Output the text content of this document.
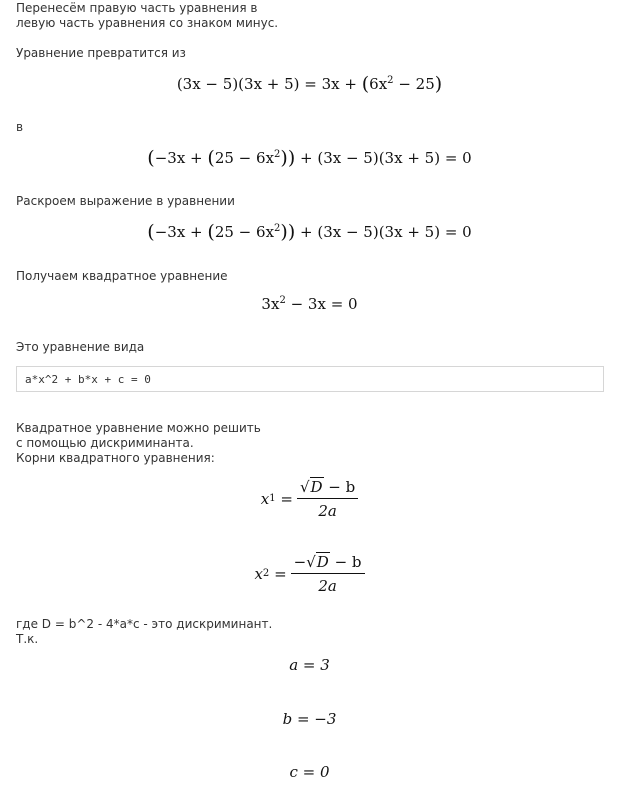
Перенесём правую часть уравнения в
левую часть уравнения со знаком минус.
Уравнение превратится из
$(3x - 5)(3x + 5) = 3x + (6x^2 - 25)$
в
$(-3x + (25 - 6x^2)) + (3x - 5)(3x + 5) = 0$
Раскроем выражение в уравнении
$(-3x + (25 - 6x^2)) + (3x - 5)(3x + 5) = 0$
Получаем квадратное уравнение
$3x^2 - 3x = 0$
Это уравнение вида
a*x^2 + b*x + c = 0
Квадратное уравнение можно решить
с помощью дискриминанта.
Корни квадратного уравнения:
x $1 = \frac{√D - b}{2a}$
x $2 = \frac{-√D - b}{2a}$
где D = b^2 - 4*a*c - это дискриминант.
Т.к.
a = 3
b = −3
c = 0
